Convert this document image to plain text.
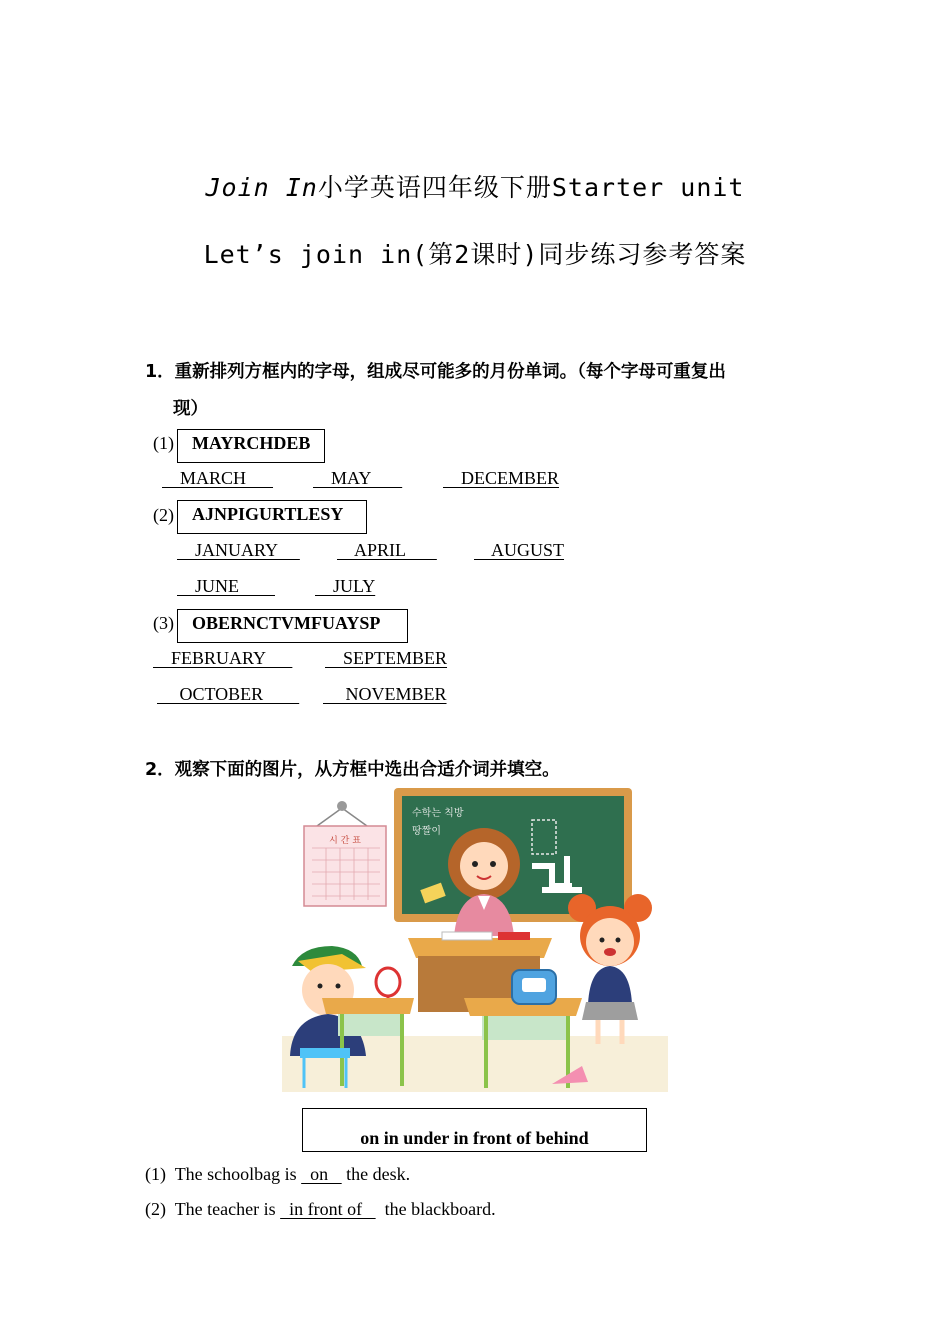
Join In小学英语四年级下册Starter unit
Let’s join in(第2课时)同步练习参考答案
1．重新排列方框内的字母，组成尽可能多的月份单词。（每个字母可重复出
现）
(1)	MAYRCHDEB
MARCH MAY DECEMBER
(2)	AJNPIGURTLESY
JANUARY APRIL AUGUST
JUNE JULY
(3)	OBERNCTVMFUAYSP
FEBRUARY SEPTEMBER
OCTOBER NOVEMBER
2．观察下面的图片，从方框中选出合适介词并填空。
시 간 표
수학는 칙방
땅짤이
on in under in front of behind
(1) The schoolbag is   on    the desk.
(2) The teacher is   in front of     the blackboard.
